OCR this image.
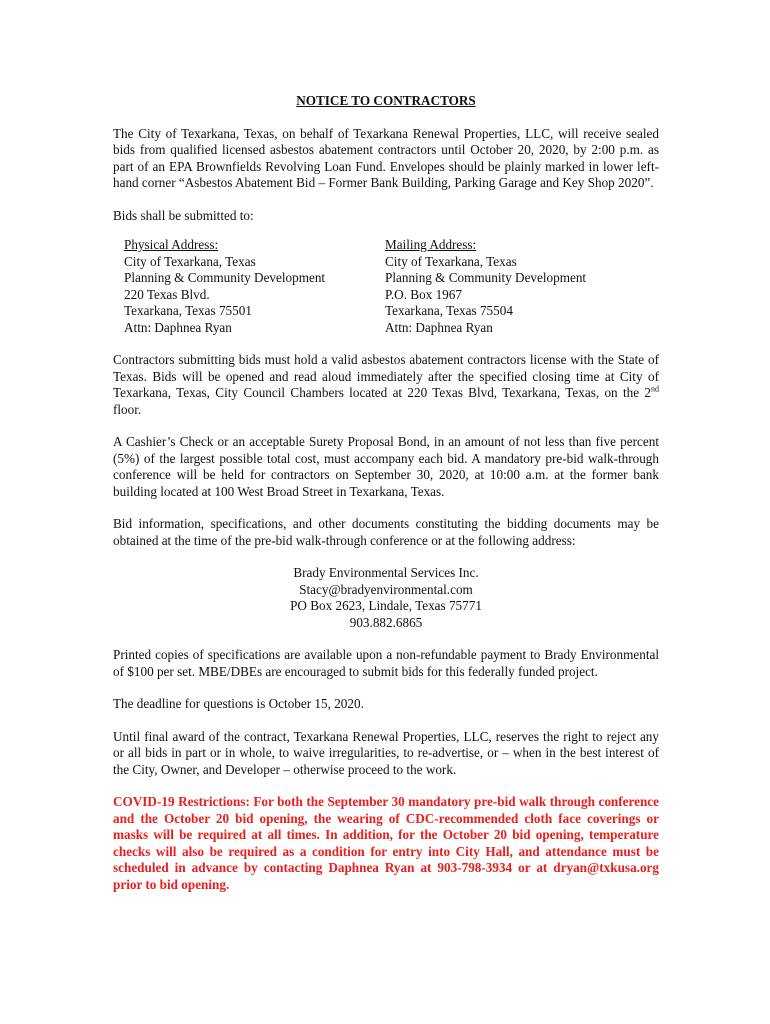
NOTICE TO CONTRACTORS

The City of Texarkana, Texas, on behalf of Texarkana Renewal Properties, LLC, will receive sealed bids from qualified licensed asbestos abatement contractors until October 20, 2020, by 2:00 p.m. as part of an EPA Brownfields Revolving Loan Fund. Envelopes should be plainly marked in lower left-hand corner “Asbestos Abatement Bid – Former Bank Building, Parking Garage and Key Shop 2020”.

Bids shall be submitted to:

Physical Address:
City of Texarkana, Texas
Planning & Community Development
220 Texas Blvd.
Texarkana, Texas 75501
Attn: Daphnea Ryan
Mailing Address:
City of Texarkana, Texas
Planning & Community Development
P.O. Box 1967
Texarkana, Texas 75504
Attn: Daphnea Ryan

Contractors submitting bids must hold a valid asbestos abatement contractors license with the State of Texas. Bids will be opened and read aloud immediately after the specified closing time at City of Texarkana, Texas, City Council Chambers located at 220 Texas Blvd, Texarkana, Texas, on the 2nd floor.

A Cashier’s Check or an acceptable Surety Proposal Bond, in an amount of not less than five percent (5%) of the largest possible total cost, must accompany each bid. A mandatory pre-bid walk-through conference will be held for contractors on September 30, 2020, at 10:00 a.m. at the former bank building located at 100 West Broad Street in Texarkana, Texas.

Bid information, specifications, and other documents constituting the bidding documents may be obtained at the time of the pre-bid walk-through conference or at the following address:

Brady Environmental Services Inc.
Stacy@bradyenvironmental.com
PO Box 2623, Lindale, Texas 75771
903.882.6865

Printed copies of specifications are available upon a non-refundable payment to Brady Environmental of $100 per set. MBE/DBEs are encouraged to submit bids for this federally funded project.

The deadline for questions is October 15, 2020.

Until final award of the contract, Texarkana Renewal Properties, LLC, reserves the right to reject any or all bids in part or in whole, to waive irregularities, to re-advertise, or – when in the best interest of the City, Owner, and Developer – otherwise proceed to the work.

COVID-19 Restrictions: For both the September 30 mandatory pre-bid walk through conference and the October 20 bid opening, the wearing of CDC-recommended cloth face coverings or masks will be required at all times. In addition, for the October 20 bid opening, temperature checks will also be required as a condition for entry into City Hall, and attendance must be scheduled in advance by contacting Daphnea Ryan at 903-798-3934 or at dryan@txkusa.org prior to bid opening.
